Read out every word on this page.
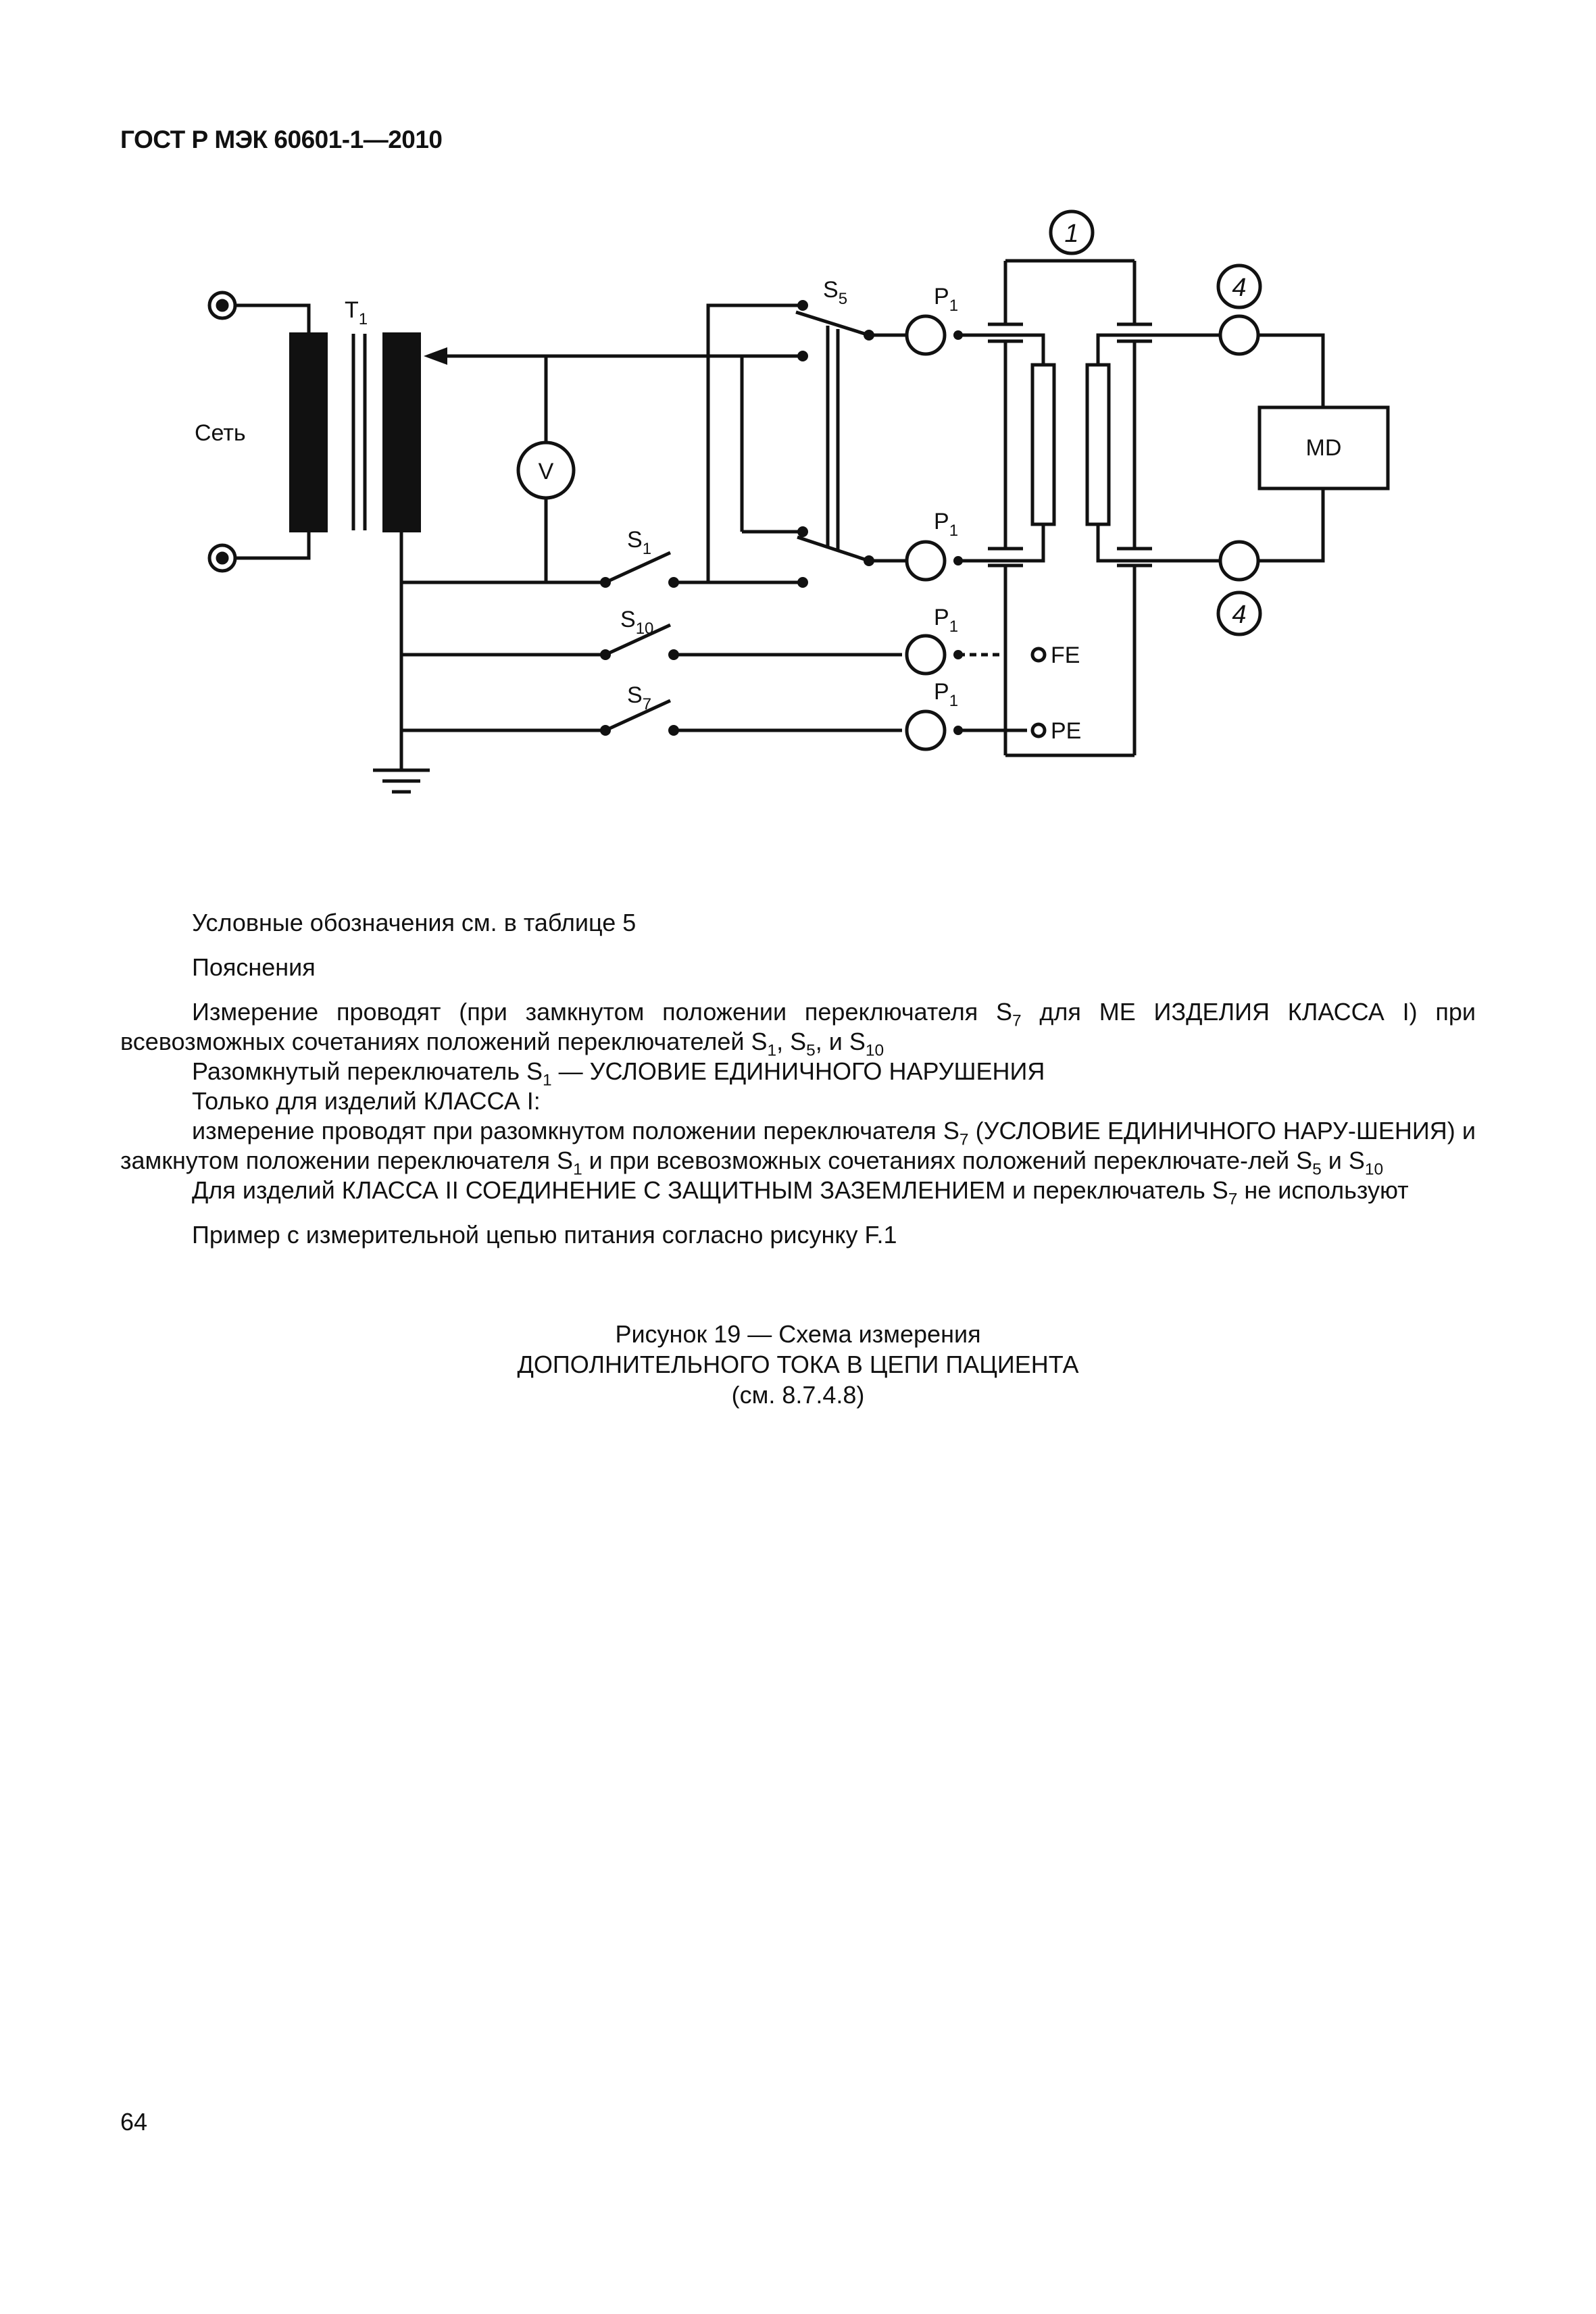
ГОСТ Р МЭК 60601-1—2010
Сеть
$T_1$
V
$S_1$
$S_{10}$
$S_7$
$S_5$	$P_1$
$P_1$
$P_1$
$P_1$
FE
PE
MD
1
4
4

Условные обозначения см. в таблице 5

Пояснения

Измерение проводят (при замкнутом положении переключателя $S_7$ для МЕ ИЗДЕЛИЯ КЛАССА I) при всевозможных сочетаниях положений переключателей $S_1$, $S_5$, и $S_{10}$

Разомкнутый переключатель $S_1$ — УСЛОВИЕ ЕДИНИЧНОГО НАРУШЕНИЯ

Только для изделий КЛАССА I:

измерение проводят при разомкнутом положении переключателя $S_7$ (УСЛОВИЕ ЕДИНИЧНОГО НАРУ-ШЕНИЯ) и замкнутом положении переключателя $S_1$ и при всевозможных сочетаниях положений переключате-лей $S_5$ и $S_{10}$

Для изделий КЛАССА II СОЕДИНЕНИЕ С ЗАЩИТНЫМ ЗАЗЕМЛЕНИЕМ и переключатель $S_7$ не используют

Пример с измерительной цепью питания согласно рисунку F.1

Рисунок 19 — Схема измерения
ДОПОЛНИТЕЛЬНОГО ТОКА В ЦЕПИ ПАЦИЕНТА
(см. 8.7.4.8)
64
